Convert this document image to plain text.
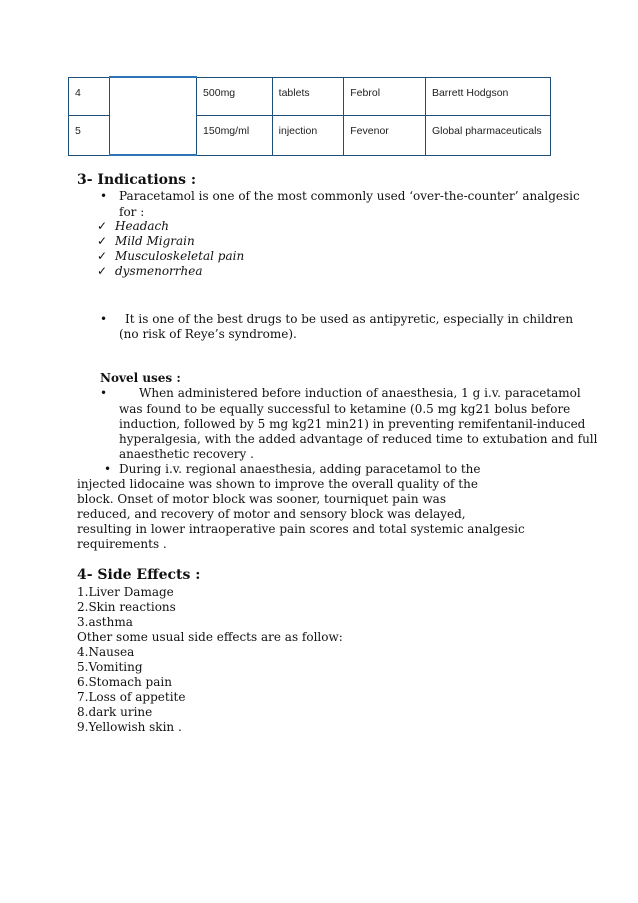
4		500mg	tablets	Febrol	Barrett Hodgson
5		150mg/ml	injection	Fevenor	Global pharmaceuticals
3- Indications :
• Paracetamol is one of the most commonly used ‘over-the-counter’ analgesic
for :
✓ Headach
✓ Mild Migrain
✓ Musculoskeletal pain
✓ dysmenorrhea
• It is one of the best drugs to be used as antipyretic, especially in children
(no risk of Reye’s syndrome).
Novel uses :
•	When administered before induction of anaesthesia, 1 g i.v. paracetamol
was found to be equally successful to ketamine (0.5 mg kg21 bolus before
induction, followed by 5 mg kg21 min21) in preventing remifentanil-induced
hyperalgesia, with the added advantage of reduced time to extubation and full
anaesthetic recovery .
• During i.v. regional anaesthesia, adding paracetamol to the
injected lidocaine was shown to improve the overall quality of the
block. Onset of motor block was sooner, tourniquet pain was
reduced, and recovery of motor and sensory block was delayed,
resulting in lower intraoperative pain scores and total systemic analgesic
requirements .
4- Side Effects :
1.Liver Damage
2.Skin reactions
3.asthma
Other some usual side effects are as follow:
4.Nausea
5.Vomiting
6.Stomach pain
7.Loss of appetite
8.dark urine
9.Yellowish skin .
